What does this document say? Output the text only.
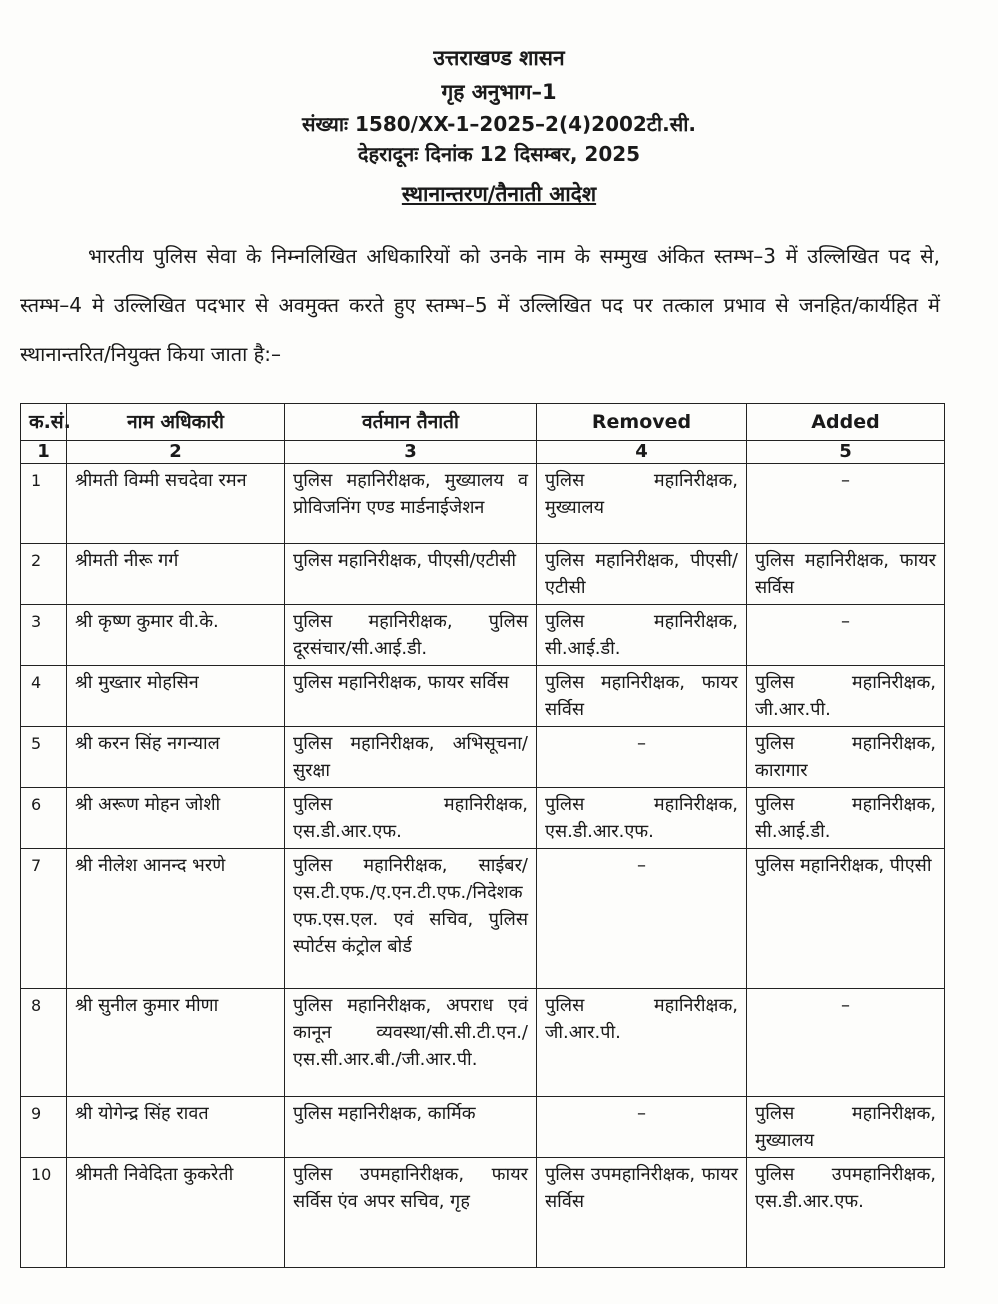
उत्तराखण्ड शासन
गृह अनुभाग–1
संख्याः 1580/XX-1–2025–2(4)2002टी.सी.
देहरादूनः दिनांक 12 दिसम्बर, 2025
स्थानान्तरण/तैनाती आदेश
भारतीय पुलिस सेवा के निम्नलिखित अधिकारियों को उनके नाम के सम्मुख अंकित स्तम्भ–3 में उल्लिखित पद से, स्तम्भ–4 मे उल्लिखित पदभार से अवमुक्त करते हुए स्तम्भ–5 में उल्लिखित पद पर तत्काल प्रभाव से जनहित/कार्यहित में स्थानान्तरित/नियुक्त किया जाता है:–
क.सं.	नाम अधिकारी	वर्तमान तैनाती	Removed	Added
1	2	3	4	5
1	श्रीमती विम्मी सचदेवा रमन	पुलिस महानिरीक्षक, मुख्यालय व प्रोविजनिंग एण्ड मार्डनाईजेशन	पुलिस महानिरीक्षक, मुख्यालय	–
2	श्रीमती नीरू गर्ग	पुलिस महानिरीक्षक, पीएसी/एटीसी	पुलिस महानिरीक्षक, पीएसी/एटीसी	पुलिस महानिरीक्षक, फायर सर्विस
3	श्री कृष्ण कुमार वी.के.	पुलिस महानिरीक्षक, पुलिस दूरसंचार/सी.आई.डी.	पुलिस महानिरीक्षक, सी.आई.डी.	–
4	श्री मुख्तार मोहसिन	पुलिस महानिरीक्षक, फायर सर्विस	पुलिस महानिरीक्षक, फायर सर्विस	पुलिस महानिरीक्षक, जी.आर.पी.
5	श्री करन सिंह नगन्याल	पुलिस महानिरीक्षक, अभिसूचना/सुरक्षा	–	पुलिस महानिरीक्षक, कारागार
6	श्री अरूण मोहन जोशी	पुलिस महानिरीक्षक, एस.डी.आर.एफ.	पुलिस महानिरीक्षक, एस.डी.आर.एफ.	पुलिस महानिरीक्षक, सी.आई.डी.
7	श्री नीलेश आनन्द भरणे	पुलिस महानिरीक्षक, साईबर/एस.टी.एफ./ए.एन.टी.एफ./निदेशक एफ.एस.एल. एवं सचिव, पुलिस स्पोर्टस कंट्रोल बोर्ड	–	पुलिस महानिरीक्षक, पीएसी
8	श्री सुनील कुमार मीणा	पुलिस महानिरीक्षक, अपराध एवं कानून व्यवस्था/सी.सी.टी.एन./एस.सी.आर.बी./जी.आर.पी.	पुलिस महानिरीक्षक, जी.आर.पी.	–
9	श्री योगेन्द्र सिंह रावत	पुलिस महानिरीक्षक, कार्मिक	–	पुलिस महानिरीक्षक, मुख्यालय
10	श्रीमती निवेदिता कुकरेती	पुलिस उपमहानिरीक्षक, फायर सर्विस एंव अपर सचिव, गृह	पुलिस उपमहानिरीक्षक, फायर सर्विस	पुलिस उपमहानिरीक्षक, एस.डी.आर.एफ.
